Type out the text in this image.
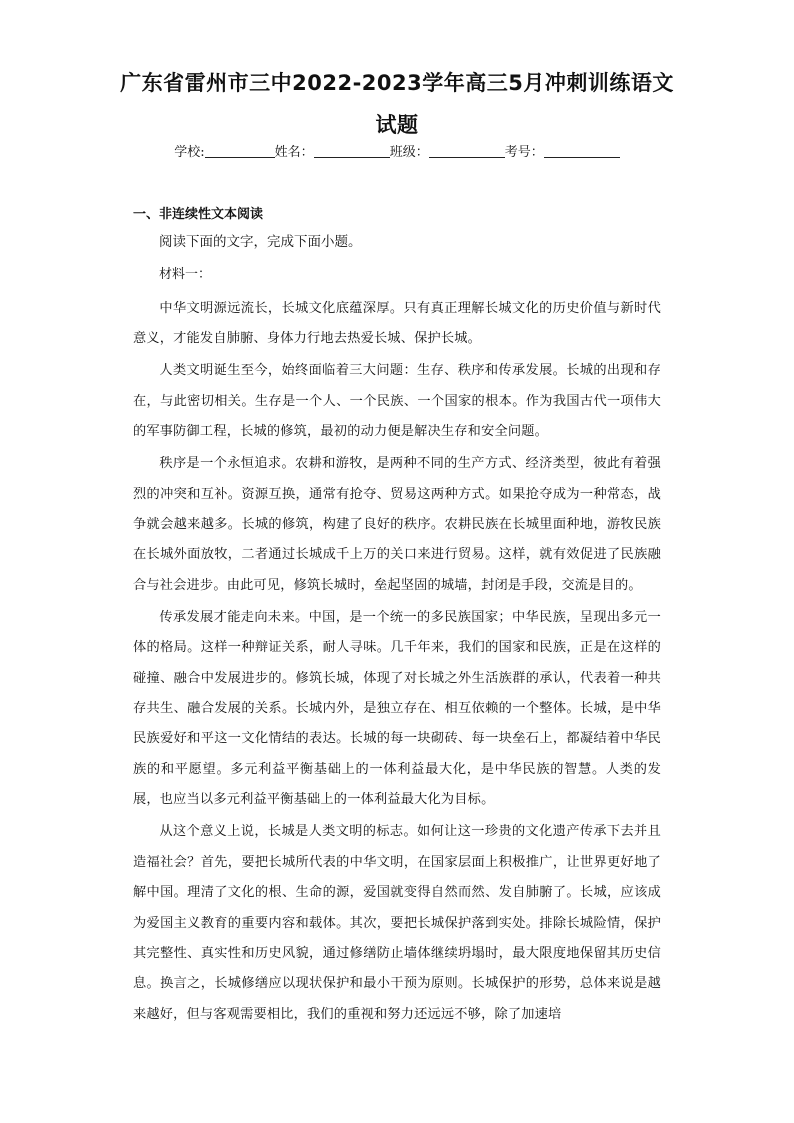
广东省雷州市三中2022-2023学年高三5月冲刺训练语文试题
学校:	姓名：	班级：	考号：
一、非连续性文本阅读
阅读下面的文字，完成下面小题。
材料一：

中华文明源远流长，长城文化底蕴深厚。只有真正理解长城文化的历史价值与新时代意义，才能发自肺腑、身体力行地去热爱长城、保护长城。

人类文明诞生至今，始终面临着三大问题：生存、秩序和传承发展。长城的出现和存在，与此密切相关。生存是一个人、一个民族、一个国家的根本。作为我国古代一项伟大的军事防御工程，长城的修筑，最初的动力便是解决生存和安全问题。

秩序是一个永恒追求。农耕和游牧，是两种不同的生产方式、经济类型，彼此有着强烈的冲突和互补。资源互换，通常有抢夺、贸易这两种方式。如果抢夺成为一种常态，战争就会越来越多。长城的修筑，构建了良好的秩序。农耕民族在长城里面种地，游牧民族在长城外面放牧，二者通过长城成千上万的关口来进行贸易。这样，就有效促进了民族融合与社会进步。由此可见，修筑长城时，垒起坚固的城墙，封闭是手段，交流是目的。

传承发展才能走向未来。中国，是一个统一的多民族国家；中华民族，呈现出多元一体的格局。这样一种辩证关系，耐人寻味。几千年来，我们的国家和民族，正是在这样的碰撞、融合中发展进步的。修筑长城，体现了对长城之外生活族群的承认，代表着一种共存共生、融合发展的关系。长城内外，是独立存在、相互依赖的一个整体。长城，是中华民族爱好和平这一文化情结的表达。长城的每一块砌砖、每一块垒石上，都凝结着中华民族的和平愿望。多元利益平衡基础上的一体利益最大化，是中华民族的智慧。人类的发展，也应当以多元利益平衡基础上的一体利益最大化为目标。

从这个意义上说，长城是人类文明的标志。如何让这一珍贵的文化遗产传承下去并且造福社会？首先，要把长城所代表的中华文明，在国家层面上积极推广，让世界更好地了解中国。理清了文化的根、生命的源，爱国就变得自然而然、发自肺腑了。长城，应该成为爱国主义教育的重要内容和载体。其次，要把长城保护落到实处。排除长城险情，保护其完整性、真实性和历史风貌，通过修缮防止墙体继续坍塌时，最大限度地保留其历史信息。换言之，长城修缮应以现状保护和最小干预为原则。长城保护的形势，总体来说是越来越好，但与客观需要相比，我们的重视和努力还远远不够，除了加速培
